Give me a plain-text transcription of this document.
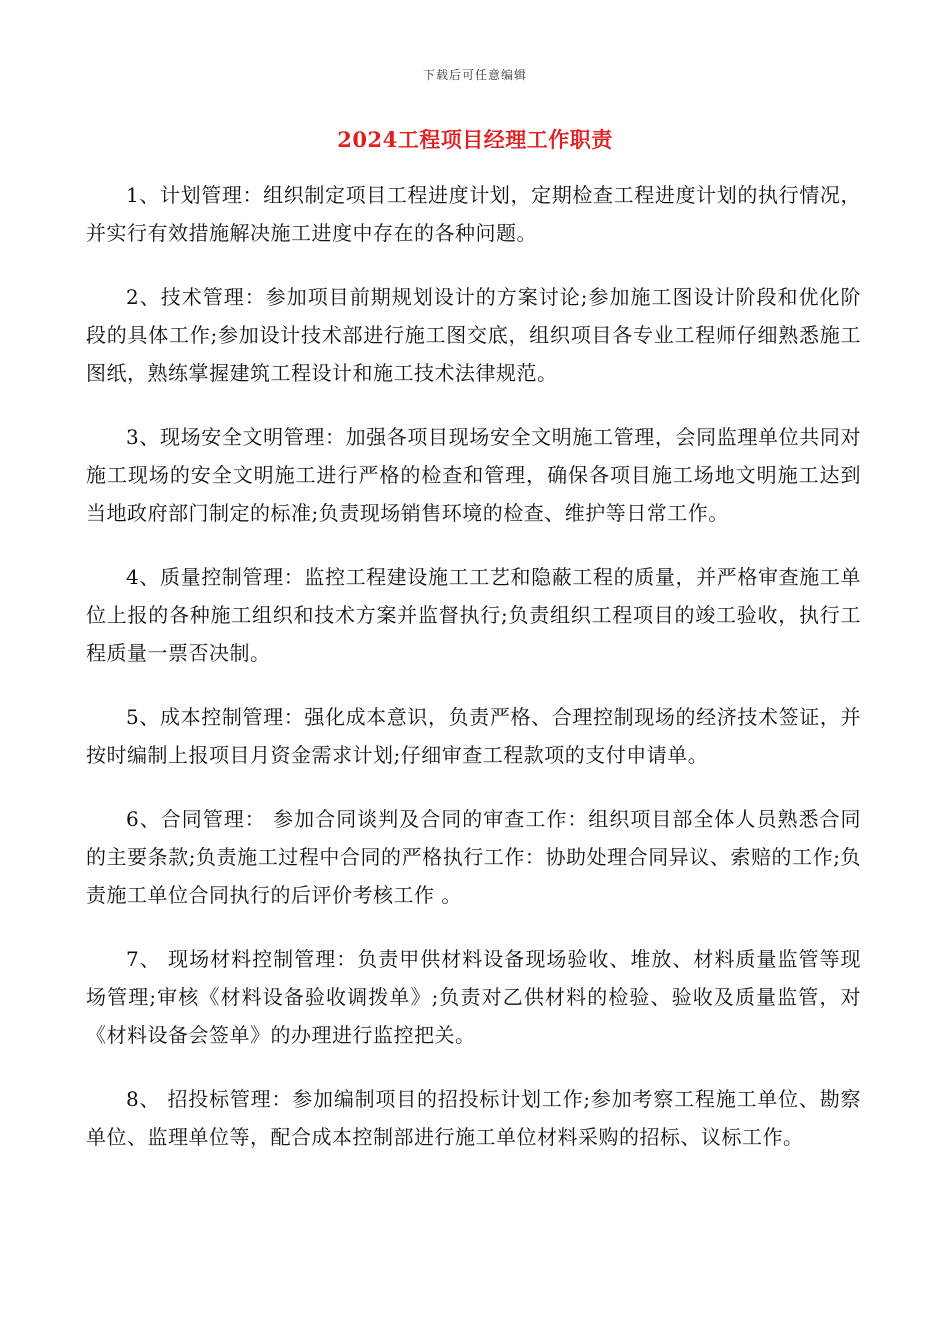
下载后可任意编辑
2024工程项目经理工作职责

1、计划管理：组织制定项目工程进度计划，定期检查工程进度计划的执行情况，并实行有效措施解决施工进度中存在的各种问题。

2、技术管理：参加项目前期规划设计的方案讨论;参加施工图设计阶段和优化阶段的具体工作;参加设计技术部进行施工图交底，组织项目各专业工程师仔细熟悉施工图纸，熟练掌握建筑工程设计和施工技术法律规范。

3、现场安全文明管理：加强各项目现场安全文明施工管理，会同监理单位共同对施工现场的安全文明施工进行严格的检查和管理，确保各项目施工场地文明施工达到当地政府部门制定的标准;负责现场销售环境的检查、维护等日常工作。

4、质量控制管理：监控工程建设施工工艺和隐蔽工程的质量，并严格审查施工单位上报的各种施工组织和技术方案并监督执行;负责组织工程项目的竣工验收，执行工程质量一票否决制。

5、成本控制管理：强化成本意识，负责严格、合理控制现场的经济技术签证，并按时编制上报项目月资金需求计划;仔细审查工程款项的支付申请单。

6、合同管理： 参加合同谈判及合同的审查工作：组织项目部全体人员熟悉合同的主要条款;负责施工过程中合同的严格执行工作：协助处理合同异议、索赔的工作;负责施工单位合同执行的后评价考核工作 。

7、 现场材料控制管理：负责甲供材料设备现场验收、堆放、材料质量监管等现场管理;审核《材料设备验收调拨单》;负责对乙供材料的检验、验收及质量监管，对《材料设备会签单》的办理进行监控把关。

8、 招投标管理：参加编制项目的招投标计划工作;参加考察工程施工单位、勘察单位、监理单位等，配合成本控制部进行施工单位材料采购的招标、议标工作。
